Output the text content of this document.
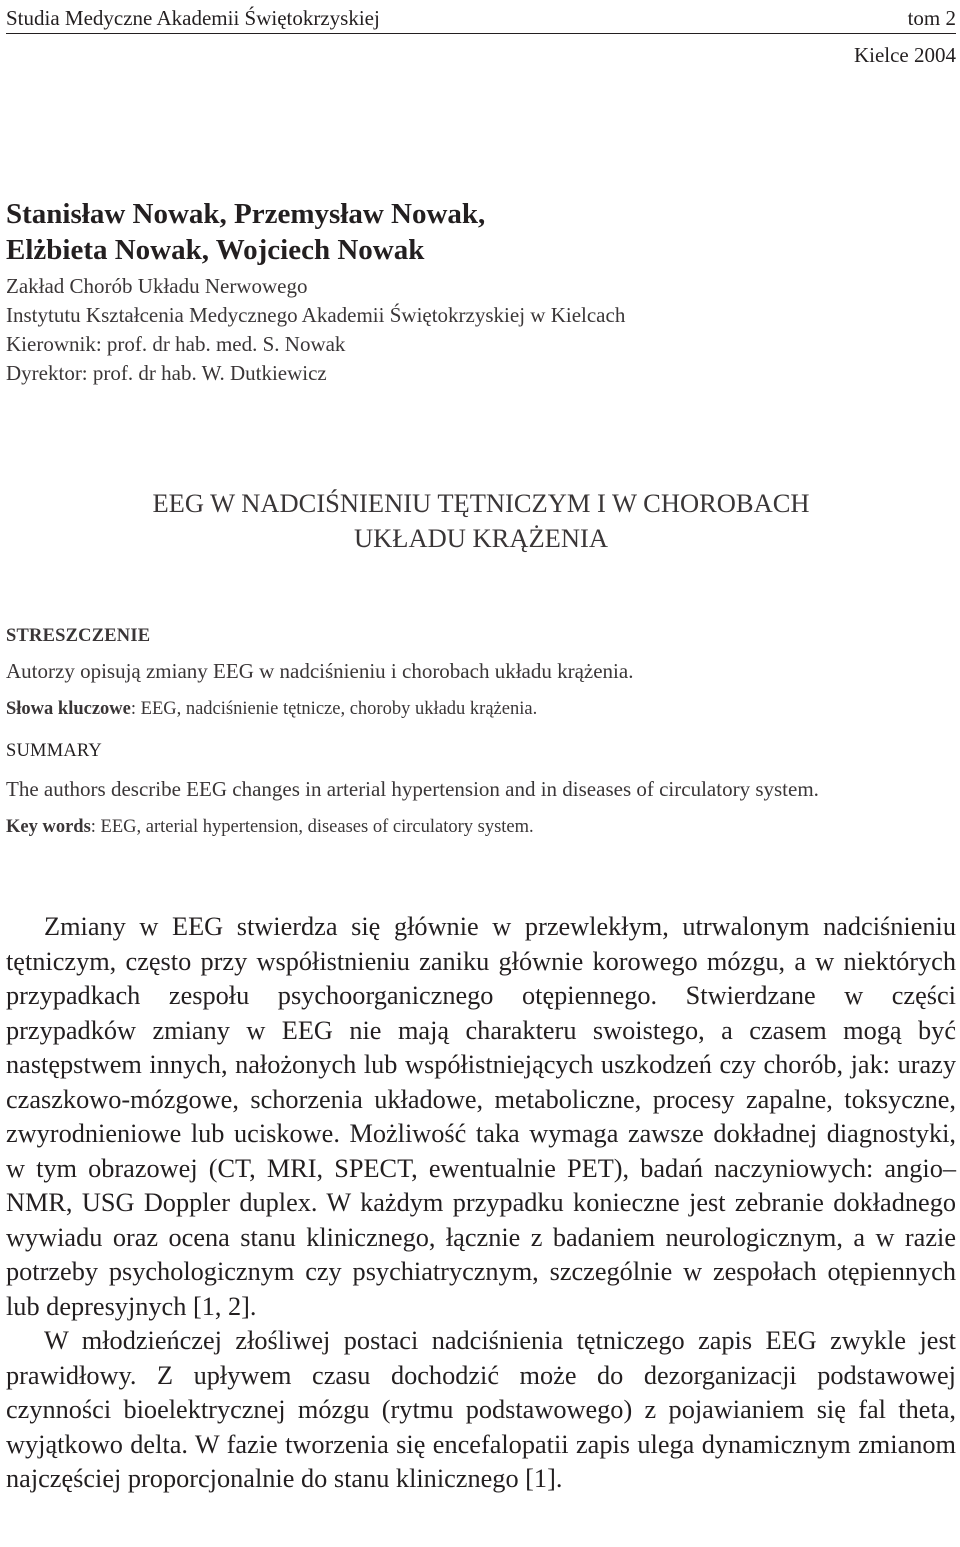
Studia Medyczne Akademii Świętokrzyskiej	tom 2
Kielce 2004
Stanisław Nowak, Przemysław Nowak,
Elżbieta Nowak, Wojciech Nowak
Zakład Chorób Układu Nerwowego
Instytutu Kształcenia Medycznego Akademii Świętokrzyskiej w Kielcach
Kierownik: prof. dr hab. med. S. Nowak
Dyrektor: prof. dr hab. W. Dutkiewicz
EEG W NADCIŚNIENIU TĘTNICZYM I W CHOROBACH
UKŁADU KRĄŻENIA
STRESZCZENIE
Autorzy opisują zmiany EEG w nadciśnieniu i chorobach układu krążenia.
Słowa kluczowe: EEG, nadciśnienie tętnicze, choroby układu krążenia.
SUMMARY
The authors describe EEG changes in arterial hypertension and in diseases of circulatory system.
Key words: EEG, arterial hypertension, diseases of circulatory system.

Zmiany w EEG stwierdza się głównie w przewlekłym, utrwalonym nadciśnieniu tętniczym, często przy współistnieniu zaniku głównie korowego mózgu, a w niektórych przypadkach zespołu psychoorganicznego otępiennego. Stwierdzane w części przypadków zmiany w EEG nie mają charakteru swoistego, a czasem mogą być następstwem innych, nałożonych lub współistniejących uszkodzeń czy chorób, jak: urazy czaszkowo-mózgowe, schorzenia układowe, metaboliczne, procesy zapalne, toksyczne, zwyrodnieniowe lub uciskowe. Możliwość taka wymaga zawsze dokładnej diagnostyki, w tym obrazowej (CT, MRI, SPECT, ewentualnie PET), badań naczyniowych: angio–NMR, USG Doppler duplex. W każdym przypadku konieczne jest zebranie dokładnego wywiadu oraz ocena stanu klinicznego, łącznie z badaniem neurologicznym, a w razie potrzeby psychologicznym czy psychiatrycznym, szczególnie w zespołach otępiennych lub depresyjnych [1, 2].

W młodzieńczej złośliwej postaci nadciśnienia tętniczego zapis EEG zwykle jest prawidłowy. Z upływem czasu dochodzić może do dezorganizacji podstawowej czynności bioelektrycznej mózgu (rytmu podstawowego) z pojawianiem się fal theta, wyjątkowo delta. W fazie tworzenia się encefalopatii zapis ulega dynamicznym zmianom najczęściej proporcjonalnie do stanu klinicznego [1].
